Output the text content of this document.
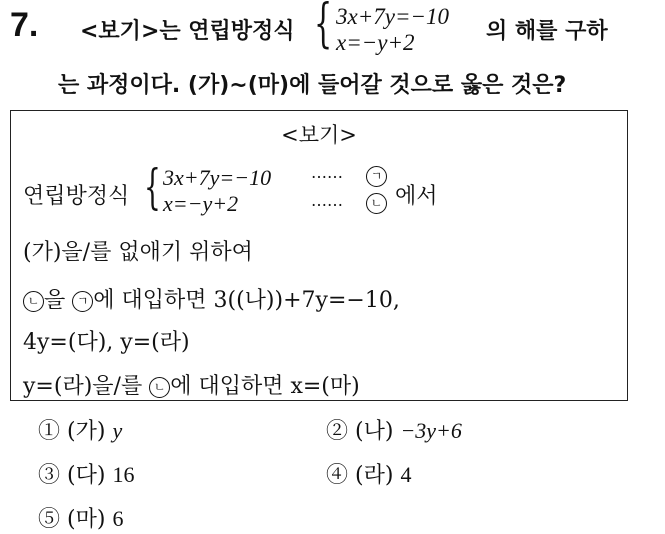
7. <보기>는 연립방정식 { 3x+7y=−10
x=−y+2	의 해를 구하
는 과정이다. (가)~(마)에 들어갈 것으로 옳은 것은?
<보기>
연립방정식 { 3x+7y=−10
x=−y+2
……
……
ㄱ
ㄴ 에서
(가)을/를 없애기 위하여
ㄴ 을 ㄱ 에 대입하면 3((나))+7y=−10,
4y=(다), y=(라)
y=(라)을/를 ㄴ 에 대입하면 x=(마)
① (가) y	② (나) −3y+6
③ (다) 16	④ (라) 4
⑤ (마) 6
